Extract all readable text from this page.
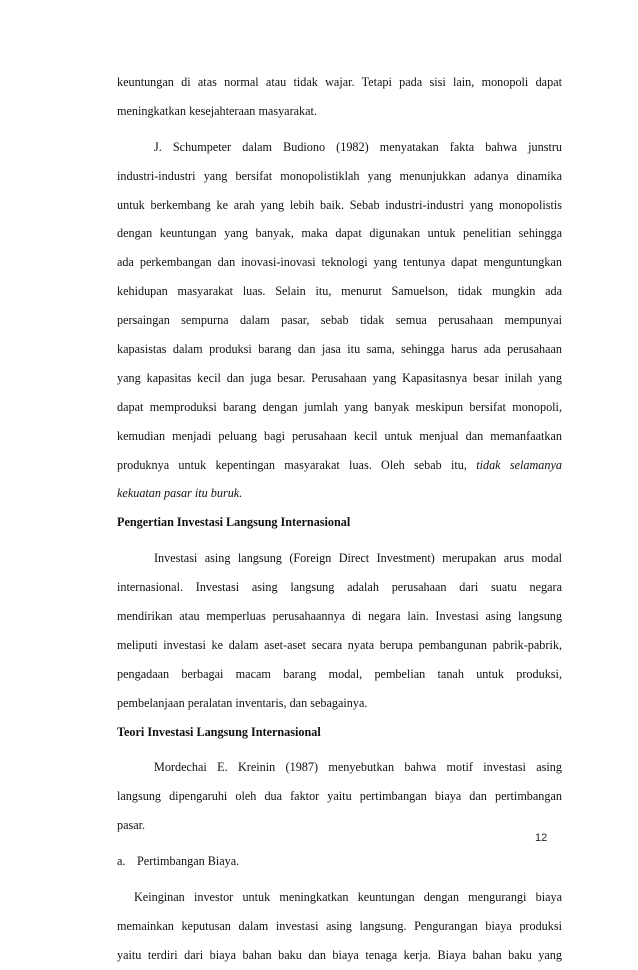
keuntungan di atas normal atau tidak wajar. Tetapi pada sisi lain, monopoli dapat
meningkatkan kesejahteraan masyarakat.
J. Schumpeter dalam Budiono (1982) menyatakan fakta bahwa junstru
industri-industri yang bersifat monopolistiklah yang menunjukkan adanya dinamika
untuk berkembang ke arah yang lebih baik. Sebab industri-industri yang monopolistis
dengan keuntungan yang banyak, maka dapat digunakan untuk penelitian sehingga
ada perkembangan dan inovasi-inovasi teknologi yang tentunya dapat menguntungkan
kehidupan masyarakat luas. Selain itu, menurut Samuelson, tidak mungkin ada
persaingan sempurna dalam pasar, sebab tidak semua perusahaan mempunyai
kapasistas dalam produksi barang dan jasa itu sama, sehingga harus ada perusahaan
yang kapasitas kecil dan juga besar. Perusahaan yang Kapasitasnya besar inilah yang
dapat memproduksi barang dengan jumlah yang banyak meskipun bersifat monopoli,
kemudian menjadi peluang bagi perusahaan kecil untuk menjual dan memanfaatkan
produknya untuk kepentingan masyarakat luas. Oleh sebab itu, tidak selamanya
kekuatan pasar itu buruk.
Pengertian Investasi Langsung Internasional
Investasi asing langsung (Foreign Direct Investment) merupakan arus modal
internasional. Investasi asing langsung adalah perusahaan dari suatu negara
mendirikan atau memperluas perusahaannya di negara lain. Investasi asing langsung
meliputi investasi ke dalam aset-aset secara nyata berupa pembangunan pabrik-pabrik,
pengadaan berbagai macam barang modal, pembelian tanah untuk produksi,
pembelanjaan peralatan inventaris, dan sebagainya.
Teori Investasi Langsung Internasional
Mordechai E. Kreinin (1987) menyebutkan bahwa motif investasi asing
langsung dipengaruhi oleh dua faktor yaitu pertimbangan biaya dan pertimbangan
pasar.
a. Pertimbangan Biaya.
Keinginan investor untuk meningkatkan keuntungan dengan mengurangi biaya
memainkan keputusan dalam investasi asing langsung. Pengurangan biaya produksi
yaitu terdiri dari biaya bahan baku dan biaya tenaga kerja. Biaya bahan baku yang
12
